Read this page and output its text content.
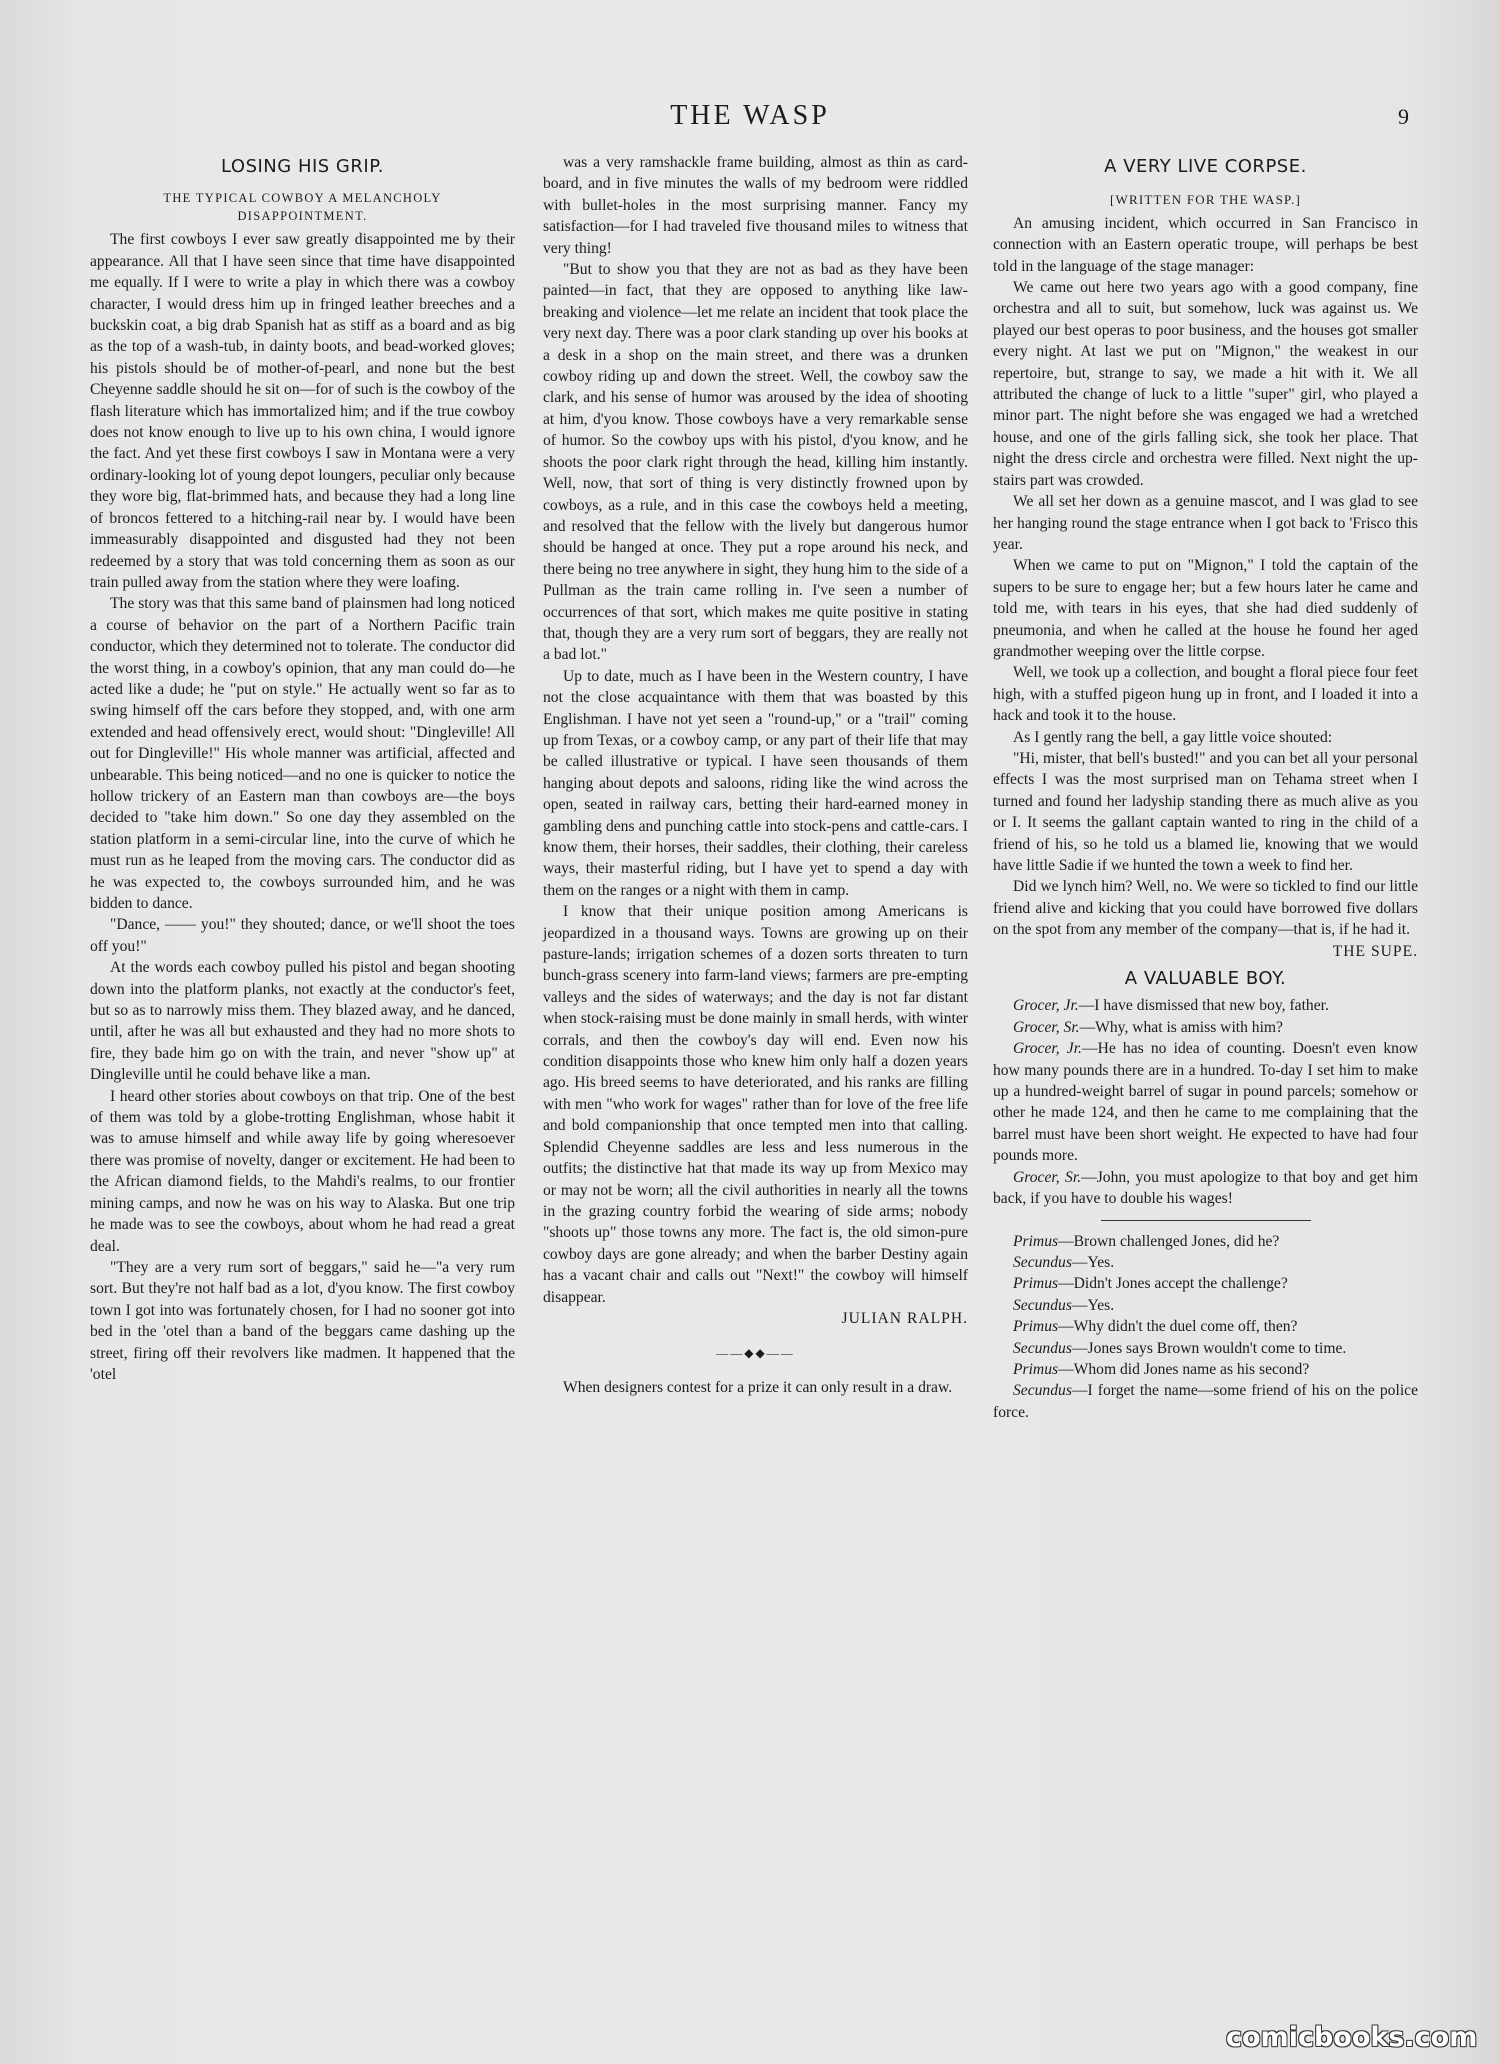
THE WASP	9
LOSING HIS GRIP.
THE TYPICAL COWBOY A MELANCHOLY DISAPPOINTMENT.

The first cowboys I ever saw greatly disappointed me by their appearance. All that I have seen since that time have disappointed me equally. If I were to write a play in which there was a cowboy character, I would dress him up in fringed leather breeches and a buckskin coat, a big drab Spanish hat as stiff as a board and as big as the top of a wash-tub, in dainty boots, and bead-worked gloves; his pistols should be of mother-of-pearl, and none but the best Cheyenne saddle should he sit on—for of such is the cowboy of the flash literature which has immortalized him; and if the true cowboy does not know enough to live up to his own china, I would ignore the fact. And yet these first cowboys I saw in Montana were a very ordinary-looking lot of young depot loungers, peculiar only because they wore big, flat-brimmed hats, and because they had a long line of broncos fettered to a hitching-rail near by. I would have been immeasurably disappointed and disgusted had they not been redeemed by a story that was told concerning them as soon as our train pulled away from the station where they were loafing.

The story was that this same band of plainsmen had long noticed a course of behavior on the part of a Northern Pacific train conductor, which they determined not to tolerate. The conductor did the worst thing, in a cowboy's opinion, that any man could do—he acted like a dude; he "put on style." He actually went so far as to swing himself off the cars before they stopped, and, with one arm extended and head offensively erect, would shout: "Dingleville! All out for Dingleville!" His whole manner was artificial, affected and unbearable. This being noticed—and no one is quicker to notice the hollow trickery of an Eastern man than cowboys are—the boys decided to "take him down." So one day they assembled on the station platform in a semi-circular line, into the curve of which he must run as he leaped from the moving cars. The conductor did as he was expected to, the cowboys surrounded him, and he was bidden to dance.

"Dance, —— you!" they shouted; dance, or we'll shoot the toes off you!"

At the words each cowboy pulled his pistol and began shooting down into the platform planks, not exactly at the conductor's feet, but so as to narrowly miss them. They blazed away, and he danced, until, after he was all but exhausted and they had no more shots to fire, they bade him go on with the train, and never "show up" at Dingleville until he could behave like a man.

I heard other stories about cowboys on that trip. One of the best of them was told by a globe-trotting Englishman, whose habit it was to amuse himself and while away life by going wheresoever there was promise of novelty, danger or excitement. He had been to the African diamond fields, to the Mahdi's realms, to our frontier mining camps, and now he was on his way to Alaska. But one trip he made was to see the cowboys, about whom he had read a great deal.

"They are a very rum sort of beggars," said he—"a very rum sort. But they're not half bad as a lot, d'you know. The first cowboy town I got into was fortunately chosen, for I had no sooner got into bed in the 'otel than a band of the beggars came dashing up the street, firing off their revolvers like madmen. It happened that the 'otel

was a very ramshackle frame building, almost as thin as card-board, and in five minutes the walls of my bedroom were riddled with bullet-holes in the most surprising manner. Fancy my satisfaction—for I had traveled five thousand miles to witness that very thing!

"But to show you that they are not as bad as they have been painted—in fact, that they are opposed to anything like law-breaking and violence—let me relate an incident that took place the very next day. There was a poor clark standing up over his books at a desk in a shop on the main street, and there was a drunken cowboy riding up and down the street. Well, the cowboy saw the clark, and his sense of humor was aroused by the idea of shooting at him, d'you know. Those cowboys have a very remarkable sense of humor. So the cowboy ups with his pistol, d'you know, and he shoots the poor clark right through the head, killing him instantly. Well, now, that sort of thing is very distinctly frowned upon by cowboys, as a rule, and in this case the cowboys held a meeting, and resolved that the fellow with the lively but dangerous humor should be hanged at once. They put a rope around his neck, and there being no tree anywhere in sight, they hung him to the side of a Pullman as the train came rolling in. I've seen a number of occurrences of that sort, which makes me quite positive in stating that, though they are a very rum sort of beggars, they are really not a bad lot."

Up to date, much as I have been in the Western country, I have not the close acquaintance with them that was boasted by this Englishman. I have not yet seen a "round-up," or a "trail" coming up from Texas, or a cowboy camp, or any part of their life that may be called illustrative or typical. I have seen thousands of them hanging about depots and saloons, riding like the wind across the open, seated in railway cars, betting their hard-earned money in gambling dens and punching cattle into stock-pens and cattle-cars. I know them, their horses, their saddles, their clothing, their careless ways, their masterful riding, but I have yet to spend a day with them on the ranges or a night with them in camp.

I know that their unique position among Americans is jeopardized in a thousand ways. Towns are growing up on their pasture-lands; irrigation schemes of a dozen sorts threaten to turn bunch-grass scenery into farm-land views; farmers are pre-empting valleys and the sides of waterways; and the day is not far distant when stock-raising must be done mainly in small herds, with winter corrals, and then the cowboy's day will end. Even now his condition disappoints those who knew him only half a dozen years ago. His breed seems to have deteriorated, and his ranks are filling with men "who work for wages" rather than for love of the free life and bold companionship that once tempted men into that calling. Splendid Cheyenne saddles are less and less numerous in the outfits; the distinctive hat that made its way up from Mexico may or may not be worn; all the civil authorities in nearly all the towns in the grazing country forbid the wearing of side arms; nobody "shoots up" those towns any more. The fact is, the old simon-pure cowboy days are gone already; and when the barber Destiny again has a vacant chair and calls out "Next!" the cowboy will himself disappear.

JULIAN RALPH.
——◆◆——

When designers contest for a prize it can only result in a draw.

A VERY LIVE CORPSE.
[WRITTEN FOR THE WASP.]

An amusing incident, which occurred in San Francisco in connection with an Eastern operatic troupe, will perhaps be best told in the language of the stage manager:

We came out here two years ago with a good company, fine orchestra and all to suit, but somehow, luck was against us. We played our best operas to poor business, and the houses got smaller every night. At last we put on "Mignon," the weakest in our repertoire, but, strange to say, we made a hit with it. We all attributed the change of luck to a little "super" girl, who played a minor part. The night before she was engaged we had a wretched house, and one of the girls falling sick, she took her place. That night the dress circle and orchestra were filled. Next night the up-stairs part was crowded.

We all set her down as a genuine mascot, and I was glad to see her hanging round the stage entrance when I got back to 'Frisco this year.

When we came to put on "Mignon," I told the captain of the supers to be sure to engage her; but a few hours later he came and told me, with tears in his eyes, that she had died suddenly of pneumonia, and when he called at the house he found her aged grandmother weeping over the little corpse.

Well, we took up a collection, and bought a floral piece four feet high, with a stuffed pigeon hung up in front, and I loaded it into a hack and took it to the house.

As I gently rang the bell, a gay little voice shouted:

"Hi, mister, that bell's busted!" and you can bet all your personal effects I was the most surprised man on Tehama street when I turned and found her ladyship standing there as much alive as you or I. It seems the gallant captain wanted to ring in the child of a friend of his, so he told us a blamed lie, knowing that we would have little Sadie if we hunted the town a week to find her.

Did we lynch him? Well, no. We were so tickled to find our little friend alive and kicking that you could have borrowed five dollars on the spot from any member of the company—that is, if he had it.

THE SUPE.
A VALUABLE BOY.

Grocer, Jr.—I have dismissed that new boy, father.

Grocer, Sr.—Why, what is amiss with him?

Grocer, Jr.—He has no idea of counting. Doesn't even know how many pounds there are in a hundred. To-day I set him to make up a hundred-weight barrel of sugar in pound parcels; somehow or other he made 124, and then he came to me complaining that the barrel must have been short weight. He expected to have had four pounds more.

Grocer, Sr.—John, you must apologize to that boy and get him back, if you have to double his wages!

Primus—Brown challenged Jones, did he?

Secundus—Yes.

Primus—Didn't Jones accept the challenge?

Secundus—Yes.

Primus—Why didn't the duel come off, then?

Secundus—Jones says Brown wouldn't come to time.

Primus—Whom did Jones name as his second?

Secundus—I forget the name—some friend of his on the police force.

comicbooks.com
